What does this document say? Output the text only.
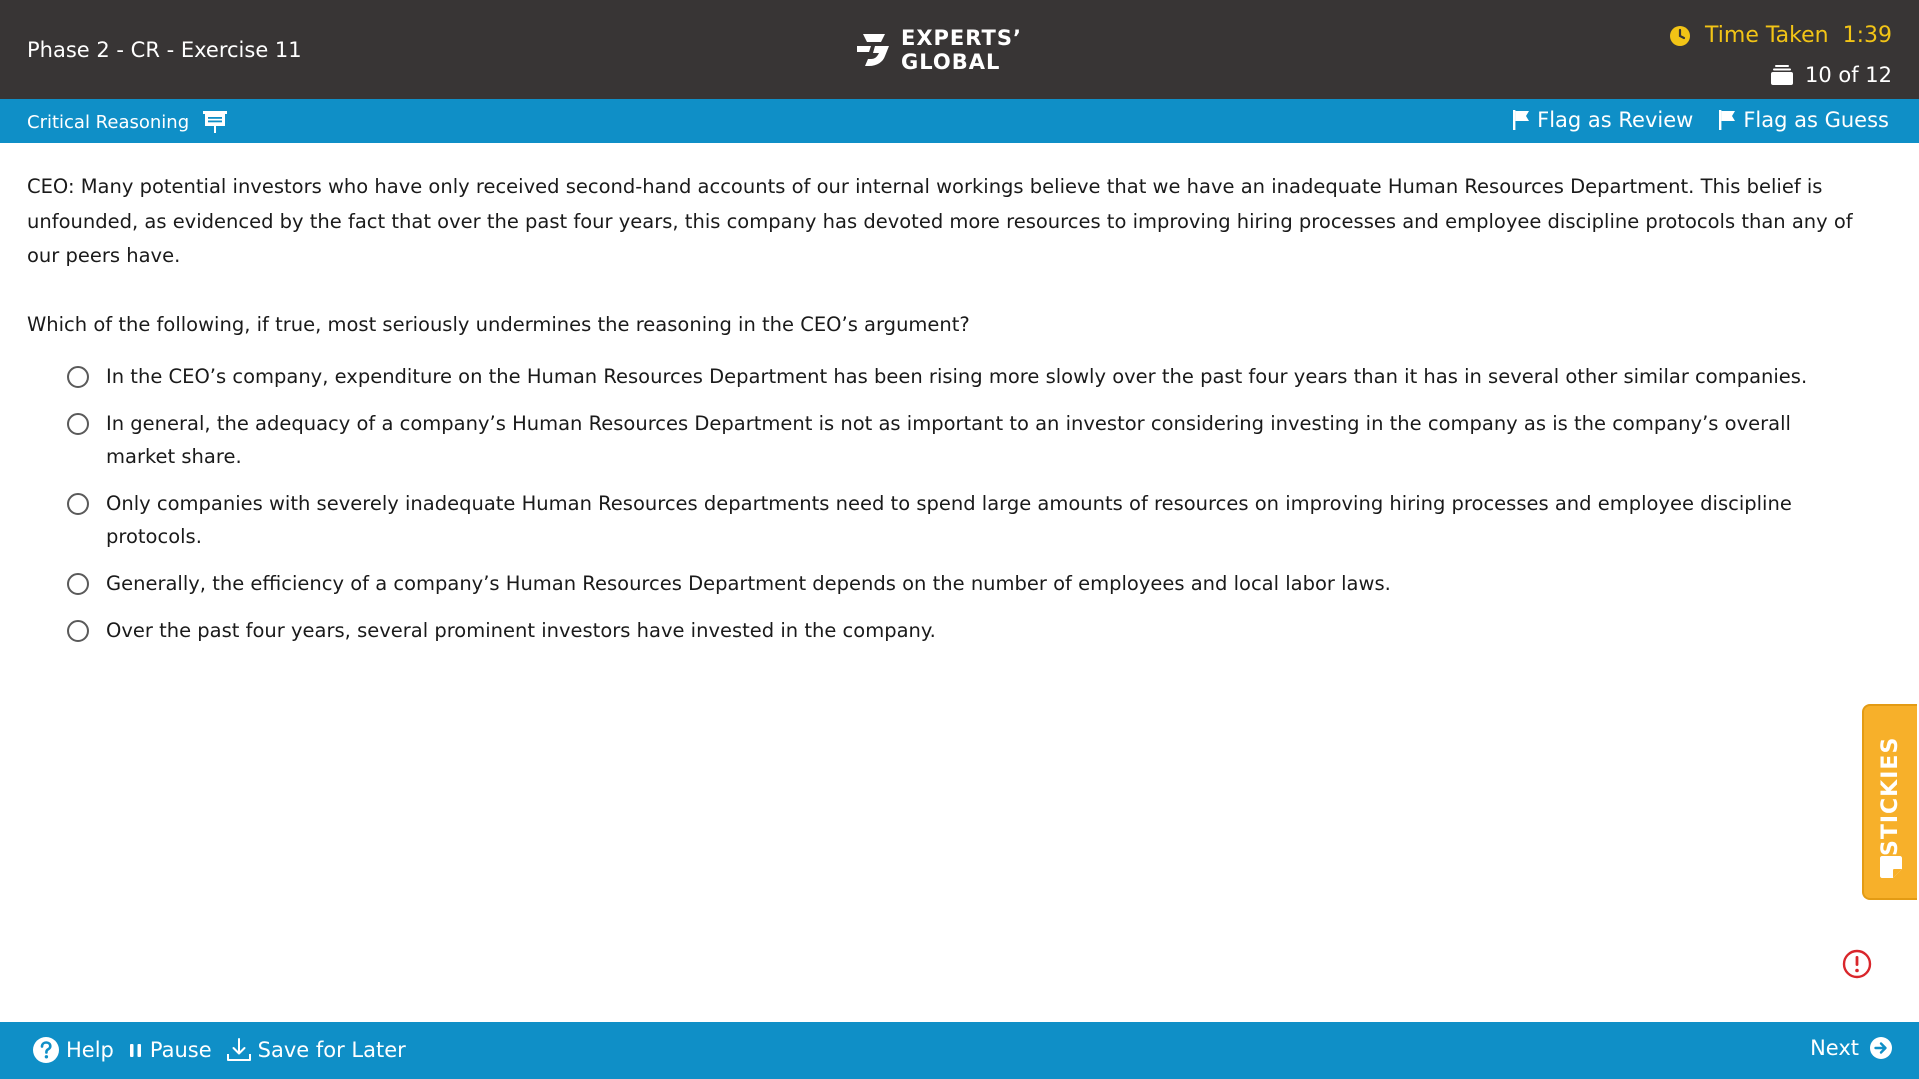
Phase 2 - CR - Exercise 11	EXPERTS’
GLOBAL
Time Taken 1:39
10 of 12
Critical Reasoning	Flag as Review Flag as Guess

CEO: Many potential investors who have only received second-hand accounts of our internal workings believe that we have an inadequate Human Resources Department. This belief is unfounded, as evidenced by the fact that over the past four years, this company has devoted more resources to improving hiring processes and employee discipline protocols than any of our peers have.

Which of the following, if true, most seriously undermines the reasoning in the CEO’s argument?

In the CEO’s company, expenditure on the Human Resources Department has been rising more slowly over the past four years than it has in several other similar companies.
In general, the adequacy of a company’s Human Resources Department is not as important to an investor considering investing in the company as is the company’s overall market share.
Only companies with severely inadequate Human Resources departments need to spend large amounts of resources on improving hiring processes and employee discipline protocols.
Generally, the efficiency of a company’s Human Resources Department depends on the number of employees and local labor laws.
Over the past four years, several prominent investors have invested in the company.
STICKIES
Help Pause Save for Later	Next
